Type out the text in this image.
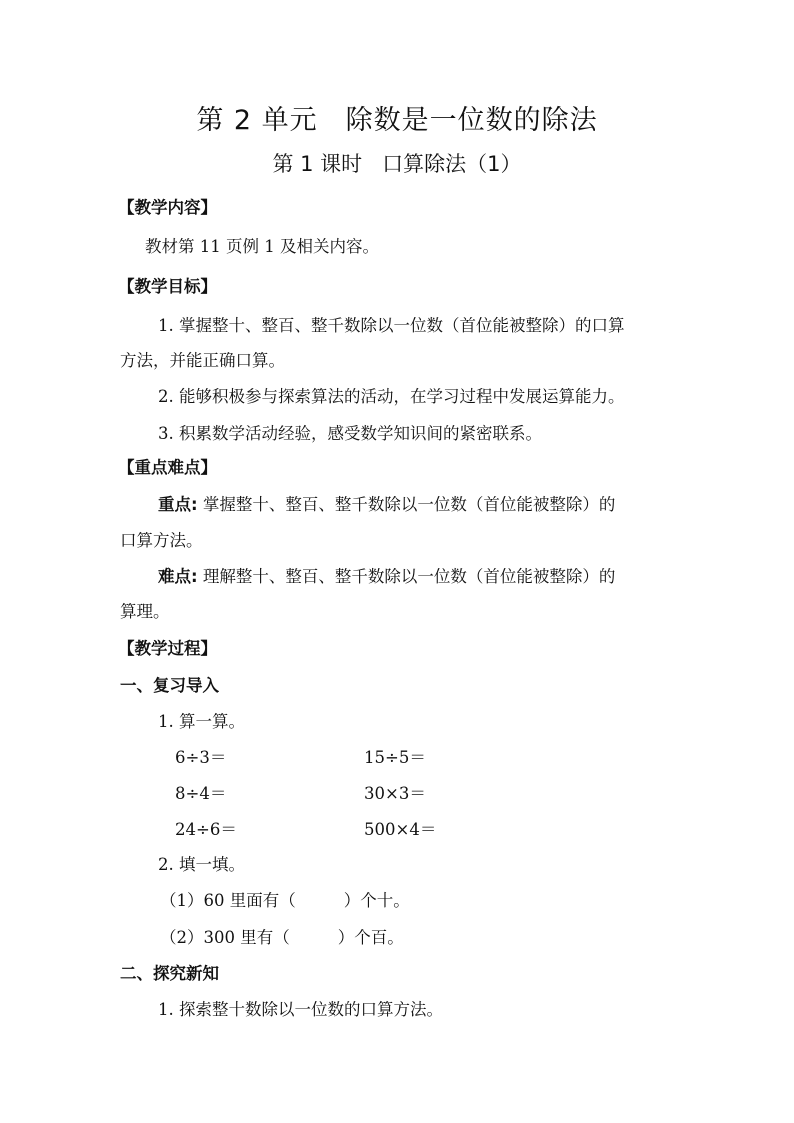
第 2 单元 除数是一位数的除法
第 1 课时 口算除法（1）
【教学内容】
教材第 11 页例 1 及相关内容。
【教学目标】
1. 掌握整十、整百、整千数除以一位数（首位能被整除）的口算
方法，并能正确口算。
2. 能够积极参与探索算法的活动，在学习过程中发展运算能力。
3. 积累数学活动经验，感受数学知识间的紧密联系。
【重点难点】
重点: 掌握整十、整百、整千数除以一位数（首位能被整除）的
口算方法。
难点: 理解整十、整百、整千数除以一位数（首位能被整除）的
算理。
【教学过程】
一、复习导入
1. 算一算。
6÷3＝	15÷5＝
8÷4＝	30×3＝
24÷6＝	500×4＝
2. 填一填。
（1）60 里面有（	）个十。
（2）300 里有（	）个百。
二、探究新知
1. 探索整十数除以一位数的口算方法。
